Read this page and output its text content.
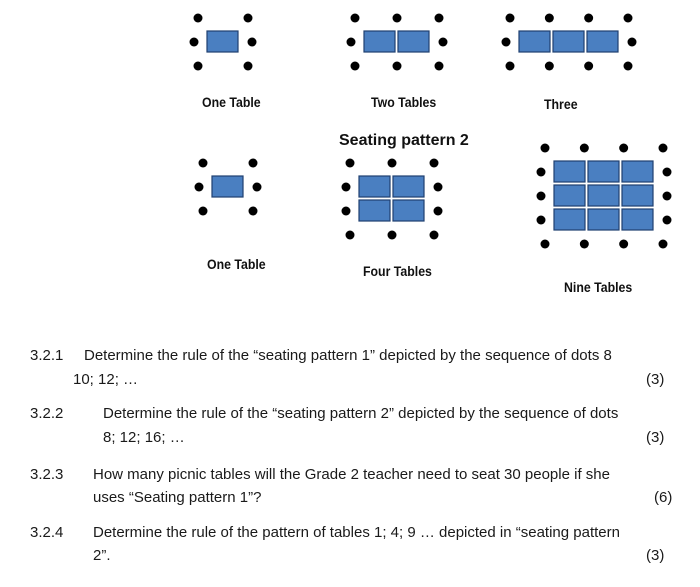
One Table	Two Tables	Three
Seating pattern 2
One Table	Four Tables
Nine Tables
3.2.1 Determine the rule of the “seating pattern 1” depicted by the sequence of dots 8
10; 12; …	(3)
3.2.2	Determine the rule of the “seating pattern 2” depicted by the sequence of dots
8; 12; 16; …	(3)
3.2.3 How many picnic tables will the Grade 2 teacher need to seat 30 people if she
uses “Seating pattern 1”?	(6)
3.2.4 Determine the rule of the pattern of tables 1; 4; 9 … depicted in “seating pattern
2”.	(3)
